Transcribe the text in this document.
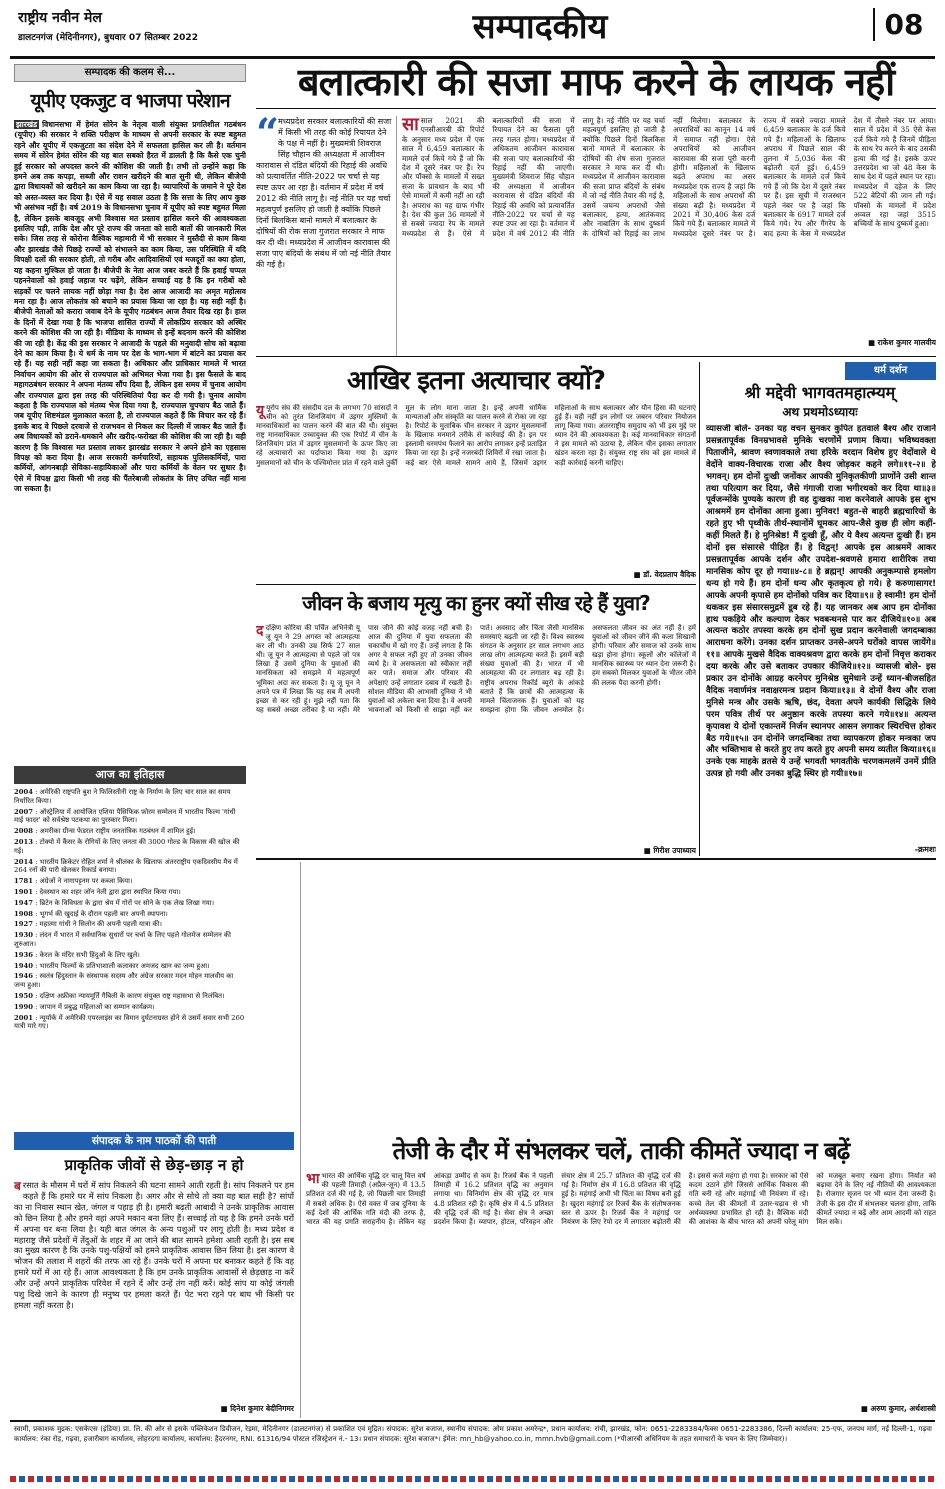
राष्ट्रीय नवीन मेल
डालटनगंज (मेदिनीनगर), बुधवार 07 सितम्बर 2022	सम्पादकीय	08
सम्पादक की कलम से...
यूपीए एकजुट व भाजपा परेशान
झारखंड विधानसभा में हेमंत सोरेन के नेतृत्व वाली संयुक्त प्रगतिशील गठबंधन (यूपीए) की सरकार ने शक्ति परीक्षण के माध्यम से अपनी सरकार के स्पष्ट बहुमत रहने और यूपीए में एकजुटता का संदेश देने में सफलता हासिल कर ली है। वर्तमान समय में सोरेन हेमंत सोरेन की यह बात सबको हैरत में डालती है कि कैसे एक चुनी हुई सरकार को अपदस्त करने की कोशिश की जाती है। तभी तो उन्होंने कहा कि हमने अब तक कपड़ा, सब्जी और राशन खरीदने की बात सुनी थी, लेकिन बीजेपी द्वारा विधायकों को खरीदने का काम किया जा रहा है। व्यापारियों के जमाने ने पूरे देश को अस्त-व्यस्त कर दिया है। ऐसे में यह सवाल उठता है कि सत्ता के लिए आप कुछ भी असंभव नहीं है। वर्ष 2019 के विधानसभा चुनाव में यूपीए को स्पष्ट बहुमत मिला है, लेकिन इसके बावजूद अभी विश्वास मत प्रस्ताव हासिल करने की आवश्यकता इसलिए पड़ी, ताकि देश और पूरे राज्य की जनता को सारी बातों की जानकारी मिल सके। जिस तरह से कोरोना वैश्विक महामारी में भी सरकार ने मुस्तैदी से काम किया और झारखंड जैसे पिछड़े राज्यों को संभालने का काम किया, उस परिस्थिति में यदि विपक्षी दलों की सरकार होती, तो गरीब और आदिवासियों एवं मजदूरों का क्या होता, यह कहना मुश्किल हो जाता है। बीजेपी के नेता आज जबर करते हैं कि हवाई चप्पल पहननेवालों को हवाई जहाज पर चढ़ेंगे, लेकिन सच्चाई यह है कि इन गरीबों को सड़कों पर चलने लायक नहीं छोड़ा गया है। देश आज आजादी का अमृत महोत्सव मना रहा है। आज लोकतंत्र को बचाने का प्रयास किया जा रहा है। यह सही नहीं है। बीजेपी नेताओं को करारा जवाब देने के यूपीए गठबंधन आज तैयार दिख रहा है। हाल के दिनों में देखा गया है कि भाजपा शासित राज्यों में लोकप्रिय सरकार को अस्थिर करने की कोशिश की जा रही है। मीडिया के माध्यम से इन्हें बदनाम करने की कोशिश की जा रही है। केंद्र की इस सरकार ने आजादी के पहले की मनुवादी सोच को बढ़ावा देने का काम किया है। ये धर्म के नाम पर देश के भाग-भाग में बांटने का प्रयास कर रहे हैं। यह सही नहीं कहा जा सकता है। अधिकार और प्राधिकार मामले में भारत निर्वाचन आयोग की ओर से राज्यपाल को अभिमत भेजा गया है। इस फैसले के बाद महागठबंधन सरकार ने अपना मंतव्य सौंप दिया है, लेकिन इस समय में चुनाव आयोग और राज्यपाल द्वारा इस तरह की परिस्थितियां पैदा कर दी गयी है। चुनाव आयोग कहता है कि राज्यपाल को मंतव्य भेज दिया गया है, राज्यपाल चुपचाप बैठ जाते हैं। जब यूपीए शिष्टमंडल मुलाकात करता है, तो राज्यपाल कहते हैं कि विचार कर रहे हैं। इसके बाद वे पिछले दरवाजे से राजभवन से निकल कर दिल्ली में जाकर बैठ जाते हैं। अब विधायकों को डराने-धमकाने और खरीद-फरोख्त की कोशिश की जा रही है। यही कारण है कि विश्वास मत प्रस्ताव लाकर झारखंड सरकार ने अपने होने का एहसास विपक्ष को करा दिया है। आज सरकारी कर्मचारियों, सहायक पुलिसकर्मियों, पारा कर्मियों, आंगनबाड़ी सेविका-सहायिकाओं और पारा कर्मियों के वेतन पर सुधार है। ऐसे में विपक्ष द्वारा किसी भी तरह की पैंतरेबाजी लोकतंत्र के लिए उचित नहीं माना जा सकता है।
आज का इतिहास
2004 : अमेरिकी राष्ट्रपति बुश ने फिलिस्तीनी राष्ट्र के निर्माण के लिए चार साल का समय निर्धारित किया।
2007 : ऑस्ट्रेलिया में आयोजित एशिया पैसिफिक फ़ोरम सम्मेलन में भारतीय फिल्म 'गांधी माई फादर' को सर्वश्रेष्ठ पटकथा का पुरस्कार मिला।
2008 : अमरीका ग्रीन्स फेडरल राष्ट्रीय जनतांत्रिक गठबंधन में शामिल हुई।
2013 : टोक्यो में कैंसर के रोगियों के लिए जनता की 3000 गोल्ड के विकास की खोज की गई।
2014 : भारतीय क्रिकेटर रोहित शर्मा ने श्रीलंका के खिलाफ अंतरराष्ट्रीय एकदिवसीय मैच में 264 रनों की पारी खेलकर रिकार्ड बनाया।
1781 : अंग्रेजों ने नागापट्टनम पर कब्जा किया।
1901 : देवस्थान का शहर जॉन नेली द्वारा द्वारा स्थापित किया गया।
1947 : ब्रिटेन के विविधता के द्वारा श्रेय में गोरों पर सोने के एक लेख लिखा गया।
1908 : भूगर्भ की खुदाई के दौरान पहली बार अपनी स्थापना।
1927 : महात्मा गांधी ने सिलोन की अपनी पहली यात्रा की।
1930 : लंदन में भारत में सर्वधानिक सुधारों पर चर्चा के लिए पहले गोलमेज सम्मेलन की शुरुआत।
1936 : केरल के मंदिर सभी हिंदुओं के लिए खुले।
1940 : भारतीय फिल्मों के प्रतिभाशाली कलाकार अमजद खान का जन्म हुआ।
1946 : स्वतंत्र हिंदुस्तान के संस्थापक सदस्य और अंग्रेज सरकार मदन मोहन मालवीय का जन्म हुआ।
1950 : दक्षिण अफ्रीका न्यायमूर्ति गैबिली के कारण संयुक्त राष्ट्र महासभा से निलंबित।
1990 : जापान में प्रबुद्ध महिलाओं का सम्मान कार्यक्रम।
2001 : न्यूयॉर्क में अमेरिकी एयरलाइंस का विमान दुर्घटनाग्रस्त होने से उसमें सवार सभी 260 यात्री मारे गए।
बलात्कारी की सजा माफ करने के लायक नहीं
“
मध्यप्रदेश सरकार बलात्कारियों की सजा में किसी भी तरह की कोई रियायत देने के पक्ष में नहीं है। मुख्यमंत्री शिवराज सिंह चौहान की अध्यक्षता में आजीवन कारावास से दंडित बंदियों की रिहाई की अवधि को प्रत्यावर्तित नीति-2022 पर चर्चा से यह स्पष्ट ऊपर आ रहा है। वर्तमान में प्रदेश में वर्ष 2012 की नीति लागू है। नई नीति पर यह चर्चा महत्वपूर्ण इसलिए हो जाती है क्योंकि पिछले दिनों बिलकिस बानो मामले में बलात्कार के दोषियों की रोक सजा गुजरात सरकार ने माफ कर दी थी। मध्यप्रदेश में आजीवन कारावास की सजा पाए बंदियों के संबंध में जो नई नीति तैयार की गई है।
सासाल 2021 की एनसीआरबी की रिपोर्ट के अनुसार मध्य प्रदेश में एक साल में 6,459 बलात्कार के मामले दर्ज किये गये हैं जो कि देश में दूसरे नंबर पर हैं। रेप और पॉक्सो के मामलों में सख्त सजा के प्रावधान के बाद भी ऐसे मामलों में कमी नहीं आ रही है। अपराध का यह ग्राफ गंभीर है। देश की कुल 36 मामलों में से सबसे ज्यादा रेप के मामले मध्यप्रदेश से हैं। ऐसे में बलात्कारियों की सजा में रियायत देने का फैसला पूरी तरह गलत होगा। मध्यप्रदेश में अधिकतम आजीवन कारावास की सजा पाए बलात्कारियों की रिहाई नहीं की जाएगी। मुख्यमंत्री शिवराज सिंह चौहान की अध्यक्षता में आजीवन कारावास से दंडित बंदियों की रिहाई की अवधि को प्रत्यावर्तित नीति-2022 पर चर्चा से यह स्पष्ट उपर आ रहा है। वर्तमान में प्रदेश में वर्ष 2012 की नीति लागू है। नई नीति पर यह चर्चा महत्वपूर्ण इसलिए हो जाती है क्योंकि पिछले दिनों बिलकिस बानो मामले में बलात्कार के दोषियों की शेष सजा गुजरात सरकार ने माफ कर दी थी। मध्यप्रदेश में आजीवन कारावास की सजा प्राप्त बंदियों के संबंध में जो नई नीति तैयार की गई है, उसमें जघन्य अपराधों जैसे बलात्कार, हत्या, आतंकवाद और नाबालिग के साथ दुष्कर्म के दोषियों को रिहाई का लाभ नहीं मिलेगा। बलात्कार के अपराधियों का कानून 14 वर्ष में समाप्त नहीं होगा। ऐसे अपराधियों को आजीवन कारावास की सजा पूरी करनी होगी। महिलाओं के खिलाफ बढ़ते अपराध का असर मध्यप्रदेश एक राज्य है जहां कि महिलाओं के साथ अपराधों की संख्या बढ़ी है। मध्यप्रदेश में 2021 में 30,406 केस दर्ज किये गये हैं। बलात्कार मामले में मध्यप्रदेश दूसरे नंबर पर है। राज्य में सबसे ज्यादा मामले 6,459 बलात्कार के दर्ज किये गये हैं। महिलाओं के खिलाफ अपराध में पिछले साल की तुलना में 5,036 केस की बढ़ोतरी दर्ज हुई। 6,459 बलात्कार के मामले दर्ज किये गये हैं जो कि देश में दूसरे नंबर पर हैं। इस सूची में राजस्थान पहले नंबर पर है जहां कि बलात्कार के 6917 मामले दर्ज किये गये। रेप और गैंगरेप के बाद हत्या के केस में मध्यप्रदेश देश में तीसरे नंबर पर आया। साल में प्रदेश में 35 ऐसे केस दर्ज किये गये हैं जिनमें पीड़िता के साथ रेप करने के बाद उसकी हत्या की गई है। इसके ऊपर उत्तरप्रदेश था जो 48 केस के साथ देश में पहले स्थान पर रहा। मध्यप्रदेश में दहेज के लिए 522 बेटियों की जान ली गई। पॉक्सो के मामलों में प्रदेश अव्वल रहा जहां 3515 बच्चियों के साथ दुष्कर्म हुआ।
■ राकेश कुमार मालवीय
धर्म दर्शन
श्री मद्देवी भागवतमहात्म्यम्
अथ प्रथमोऽध्यायः
व्यासजी बोले- उनका यह वचन सुनकर कुपित हतवाले बैश्य और राजाने प्रसन्नतापूर्वक विनम्रभावसे मुनिके चरणोंमें प्रणाम किया। भविष्यवक्ता पिताजीने, श्रावण स्वणावकाले तथा हरिके वरदान विशेष हुए वेदोंवाले थे वेदोंने वाक्य-विचारक राजा और वैश्य जोड़कर कहने लगे॥११-२॥ हे भगवन्। हम दोनों दुःखी जनोंकर आपकी मुनिकृतकीणी प्राणोंने उसी शान्त तथा परित्याग कर दिया, जैसे गंगाजी राजा भगीरथको कर दिया था॥३॥ पूर्वजन्मोंके पुण्यके कारण ही वह दुःखका नाश करनेवाले आपके इस शुभ आश्रममें हम दोनोंका आना हुआ। मुनिवर! बहुत-से बाहरी ब्रह्मचारियों के रहते हुए भी पृथ्वीके तीर्थ-स्थानोंमें घूमकर आप-जैसे कुछ ही लोग कहीं-कहीं मिलते हैं। हे मुनिश्रेष्ठ! मैं दुःखी हूँ, और ये वैश्य अत्यन्त दुःखी हैं। हम दोनों इस संसारसे पीड़ित हैं। हे विद्वन्! आपके इस आश्रममें आकर प्रसन्नतापूर्वक आपके दर्शन और उपदेश-श्रवणसे हमारा शारीरिक तथा मानसिक कोप दूर हो गया॥४-८॥ हे ब्रह्मन्! आपकी अनुकम्पासे हमलोग धन्य हो गये हैं। हम दोनों धन्य और कृतकृत्य हो गये। हे करुणासागर! आपके अपनी कृपासे हम दोनोंको पवित्र कर दिया॥९॥ हे स्वामी! हम दोनों थककर इस संसारसमुद्रमें डूब रहे हैं। यह जानकर अब आप हम दोनोंका हाथ पकड़िये और कल्याण देकर भवबन्धनसे पार कर दीजिये॥१०॥ अब अत्यन्त कठोर तपस्या करके हम दोनों सुख प्रदान करनेवाली जगदम्बाका आराधना करेंगे। उनका दर्शन प्राप्तकर उनसे-अपने घरोंको वापस जायेंगे॥११॥ आपके मुखसे वैदिक वाक्यश्रवण द्वारा करके हम दोनों निवृत्त कराकर दया करके और उसे बताकर उपकार कीजिये॥१२॥ व्यासजी बोले- इस प्रकार उन दोनोंके आग्रह करनेपर मुनिश्रेष्ठ सुमेधाने उन्हें ध्यान-बीजसहित वैदिक नवार्णमंत्र नवाक्षरमन्त्र प्रदान किया॥१३॥ वे दोनों वैश्य और राजा मुनिसे मन्त्र और उसके ऋषि, छंद, देवता अपने कार्यकी सिद्धिके लिये परम पवित्र तीर्थ पर अनुष्ठान करके तपस्या करने गये॥१४॥ अत्यन्त कृपावश ये दोनों एकान्तमें निर्जन स्थानपर आसन लगाकर स्थिरचित्त होकर बैठ गये॥१५॥ उन दोनोंने जगदम्बिका तथा व्यापकरण होकर मन्त्रका जप और भक्तिभाव से करते हुए तप करते हुए अपनी समय व्यतीत किया॥१६॥ उनके एक माहके व्रतसे ये उन्हें भगवती भगवतीके चरणकमलमें उनमें प्रीति उत्पन्न हो गयी और उनका बुद्धि स्थिर हो गयी॥१७॥
-क्रमशः
आखिर इतना अत्याचार क्यों?
यूयूरोप संघ की संसदीय दल के लगभग 70 सांसदों ने चीन को तुरंत शिनजियांग में उइगर मुस्लिमों के मानवाधिकारों का पालन करने की बात की थी। संयुक्त राष्ट्र मानवाधिकार उच्चायुक्त की एक रिपोर्ट में चीन के शिनजियांग प्रांत में उइगर मुसलमानों के ऊपर किए जा रहे अत्याचारों का पर्दाफाश किया गया है। उइगर मुसलमानों को चीन के पश्चिमोत्तर प्रांत में रहने वाले तुर्की मूल के लोग माना जाता है। इन्हें अपनी धार्मिक मान्यताओं और संस्कृति का पालन करने से रोका जा रहा है। रिपोर्ट के मुताबिक चीन सरकार ने उइगर मुसलमानों के खिलाफ मनमाने तरीके से कार्रवाई की है। इन पर इस्लामी चरमपंथ फैलाने का आरोप लगाकर इन्हें प्रताड़ित किया जा रहा है। इन्हें नजरबंदी शिविरों में रखा जाता है। कई बार ऐसे मामले सामने आये हैं, जिसमें उइगर महिलाओं के साथ बलात्कार और यौन हिंसा की घटनाएं हुई हैं। यही नहीं इन लोगों पर जबरन परिवार नियोजन लागू किया गया। अंतरराष्ट्रीय समुदाय को भी इस मुद्दे पर ध्यान देने की आवश्यकता है। कई मानवाधिकार संगठनों ने इस मामले को उठाया है, लेकिन चीन इसका लगातार खंडन करता रहा है। संयुक्त राष्ट्र संघ को इस मामले में कड़ी कार्रवाई करनी चाहिए।
■ डॉ. वेदप्रताप वैदिक
जीवन के बजाय मृत्यु का हुनर क्यों सीख रहे हैं युवा?
ददक्षिण कोरिया की पर्चित अभिनेत्री यू जू यून ने 29 अगस्त को आत्महत्या कर ली थी। उनकी उम्र सिर्फ 27 साल थी। जू यून ने आत्महत्या से पहले जो पत्र लिखा है उसमें दुनिया के युवाओं की मानसिकता को समझने में महत्वपूर्ण भूमिका अदा कर सकता है। यू जू यून ने अपने पत्र में लिखा कि यह सब मैं अपनी इच्छा से कर रही हूं। मुझे नहीं पता कि यह सबसे अच्छा तरीका है या नहीं। मेरे पास जीने की कोई वजह नहीं बची है। आज की दुनिया में युवा सफलता की चकाचौंध में खो गए हैं। उन्हें लगता है कि अगर वे सफल नहीं हुए तो उनका जीवन व्यर्थ है। वे असफलता को स्वीकार नहीं कर पाते। समाज और परिवार की अपेक्षाएं उन्हें लगातार दबाव में रखती हैं। सोशल मीडिया की आभासी दुनिया ने भी युवाओं को अकेला बना दिया है। वे अपनी भावनाओं को किसी से साझा नहीं कर पाते। अवसाद और चिंता जैसी मानसिक समस्याएं बढ़ती जा रही हैं। विश्व स्वास्थ्य संगठन के अनुसार हर साल लगभग आठ लाख लोग आत्महत्या करते हैं। इसमें बड़ी संख्या युवाओं की है। भारत में भी आत्महत्या की दर लगातार बढ़ रही है। राष्ट्रीय अपराध रिकॉर्ड ब्यूरो के आंकड़े बताते हैं कि छात्रों की आत्महत्या के मामले चिंताजनक हैं। युवाओं को यह समझना होगा कि जीवन अनमोल है। असफलता जीवन का अंत नहीं है। हमें युवाओं को जीवन जीने की कला सिखानी होगी। परिवार और समाज को उनके साथ खड़ा होना होगा। स्कूलों और कॉलेजों में मानसिक स्वास्थ्य पर ध्यान देना जरूरी है। हम सबको मिलकर युवाओं के भीतर जीने की ललक पैदा करनी होगी।
■ गिरीश उपाध्याय
संपादक के नाम पाठकों की पाती
प्राकृतिक जीवों से छेड़-छाड़ न हो
ब रसात के मौसम में घरों में सांप निकलने की घटना सामने आती रहती है। सांप निकलने पर हम कहते हैं कि हमारे घर में सांप निकला है। अगर और से सोचे तो क्या यह बात सही है? सांपों का ना निवास स्थान खेत, जंगल व पहाड़ ही है। हमारी बढ़ती आबादी ने उनके प्राकृतिक आवास को छिन लिया है और हमने वहां अपने मकान बना लिए हैं। सच्चाई तो यह है कि हमने उनके घरों में अपना घर बना लिया है। यही बात जंगल के अन्य पशुओं पर लागू होती है। मध्य प्रदेश व महाराष्ट्र जैसे प्रदेशों में तेंदुओं के शहर में आ जाने की बात सामने हमेशा आती रहती है। इस सब का मुख्य कारण है कि उनके पशु-पक्षियों को हमने प्राकृतिक आवास छिन लिया है। इस कारण वे भोजन की तलाश में शहरों की तरफ आ रहे हैं। उनके घरों में अपना घर बनाकर कहते हैं कि वह हमारे घरों में आ रहे हैं। आज आवश्यकता है कि हम उनके प्राकृतिक आवासों से छेड़छाड़ ना करें और उन्हें अपने प्राकृतिक परिवेश में रहने दें और उन्हें तंग नहीं करें। कोई सांप या कोई जंगली पशु दिखे जाने के कारण ही मनुष्य पर हमला करते हैं। पेट भरा रहने पर बाघ भी किसी पर हमला नहीं करता है।
■ दिनेश कुमार बेदीनिगमर
तेजी के दौर में संभलकर चलें, ताकी कीमतें ज्यादा न बढ़ें
भाभारत की आर्थिक वृद्धि दर चालू वित्त वर्ष की पहली तिमाही (अप्रैल-जून) में 13.5 प्रतिशत दर्ज की गई है, जो पिछली चार तिमाही में सबसे अधिक है। ऐसे वक्त में जब दुनिया के कई देशों की आर्थिक गति मंदी की तरफ है, भारत की यह प्रगति सराहनीय है। लेकिन यह आंकड़ा उम्मीद से कम है। रिजर्व बैंक ने पहली तिमाही में 16.2 प्रतिशत वृद्धि का अनुमान लगाया था। विनिर्माण क्षेत्र की वृद्धि दर मात्र 4.8 प्रतिशत रही है। कृषि क्षेत्र में 4.5 प्रतिशत की वृद्धि दर्ज की गई है। सेवा क्षेत्र ने अच्छा प्रदर्शन किया है। व्यापार, होटल, परिवहन और संचार क्षेत्र में 25.7 प्रतिशत की वृद्धि दर्ज की गई है। निर्माण क्षेत्र में 16.8 प्रतिशत की वृद्धि हुई है। महंगाई अभी भी चिंता का विषय बनी हुई है। खुदरा महंगाई दर रिजर्व बैंक के संतोषजनक स्तर से ऊपर है। रिजर्व बैंक ने महंगाई पर नियंत्रण के लिए रेपो दर में लगातार बढ़ोतरी की है। इससे कर्ज महंगा हो गया है। सरकार को ऐसे कदम उठाने होंगे जिससे आर्थिक विकास की गति बनी रहे और महंगाई भी नियंत्रण में रहे। कच्चे तेल की कीमतों में उतार-चढ़ाव से भी अर्थव्यवस्था प्रभावित हो रही है। वैश्विक मंदी की आशंका के बीच भारत को अपनी घरेलू मांग को मजबूत बनाए रखना होगा। निर्यात को बढ़ावा देने के लिए नई नीतियों की आवश्यकता है। रोजगार सृजन पर भी ध्यान देना जरूरी है। तेजी के इस दौर में संभलकर चलना होगा, ताकि कीमतें ज्यादा न बढ़ें और आम आदमी को राहत मिल सके।
■ अरुण कुमार, अर्थशास्त्री
स्वामी, प्रकाशक मुद्रक: एसकेएस (इंडिया) प्रा. लि. की ओर से इसके पब्लिकेशन डिवीजन, रेड़मा, मेदिनीनगर (डालटनगंज) से प्रकाशित एवं मुद्रित। संपादक: सुरेश बजाज, स्थानीय संपादक: ओम प्रकाश अमरेन्द्र*, प्रधान कार्यालय: रांची, झारखंड, फोन: 0651-2283384/फैक्स 0651-2283386, दिल्ली कार्यालय: 25-एफ, जनपथ मार्ग, नई दिल्ली-1, गढ़वा कार्यालय: रंका रोड़, गढ़वा, हजारीबाग कार्यालय, लोहरदगा कार्यालय, कार्यालय: हैदरनगर, RNI. 61316/94 पोस्टल रजिस्ट्रेशन नं.- 13। प्रधान संपादक: सुरेश बजाज*। ईमेल: mn_hb@yahoo.co.in, mmn.hvb@gmail.com (*पीआरबी अधिनियम के तहत समाचारों के चयन के लिए जिम्मेवार)।
